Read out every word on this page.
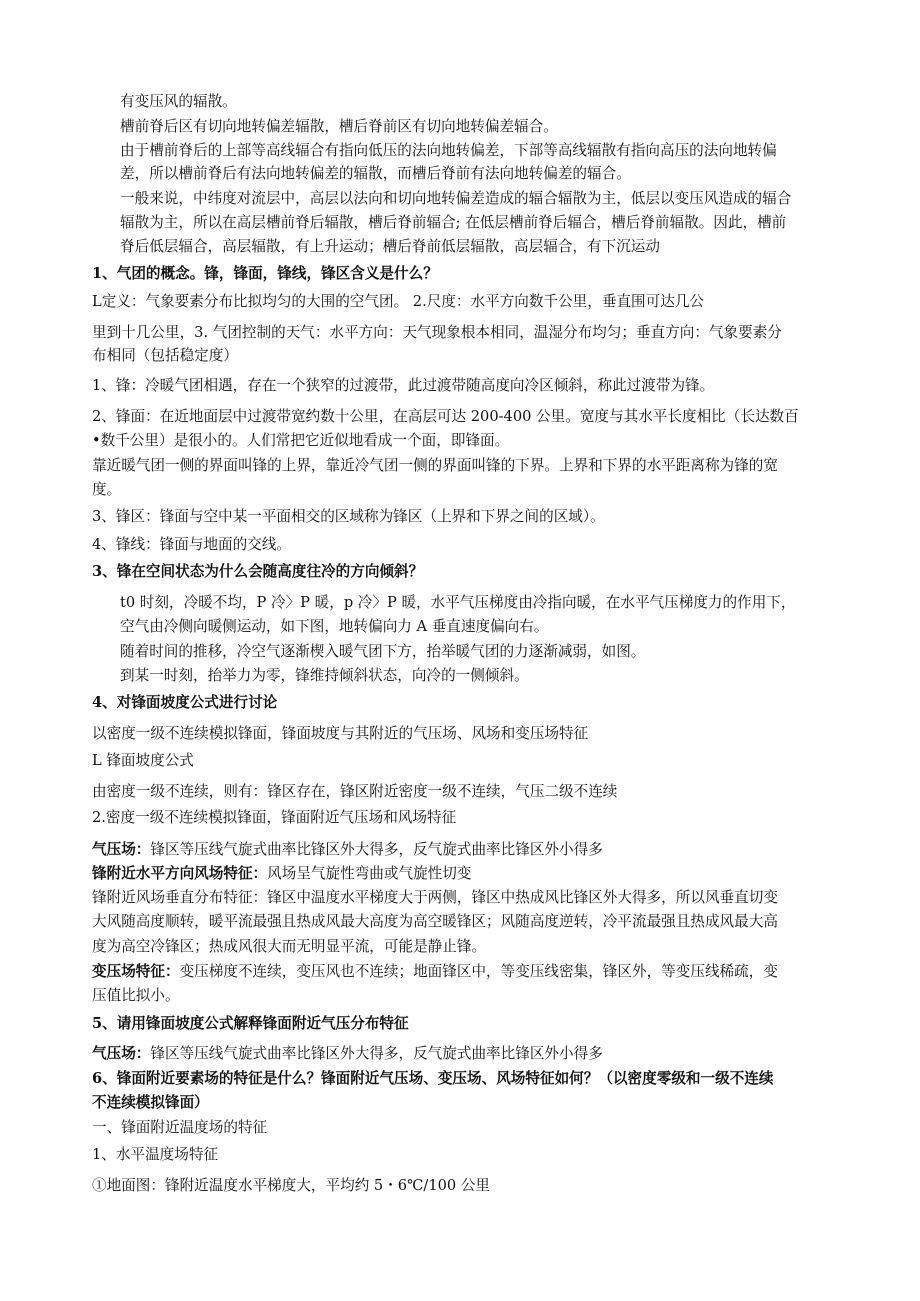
有变压风的辐散。
槽前脊后区有切向地转偏差辐散，槽后脊前区有切向地转偏差辐合。
由于槽前脊后的上部等高线辐合有指向低压的法向地转偏差，下部等高线辐散有指向高压的法向地转偏
差，所以槽前脊后有法向地转偏差的辐散，而槽后脊前有法向地转偏差的辐合。
一般来说，中纬度对流层中，高层以法向和切向地转偏差造成的辐合辐散为主，低层以变压风造成的辐合
辐散为主，所以在高层槽前脊后辐散，槽后脊前辐合; 在低层槽前脊后辐合，槽后脊前辐散。因此，槽前
脊后低层辐合，高层辐散，有上升运动；槽后脊前低层辐散，高层辐合，有下沉运动
1、气团的概念。锋，锋面，锋线，锋区含义是什么？
L定义：气象要素分布比拟均匀的大围的空气团。 2.尺度：水平方向数千公里，垂直围可达几公
里到十几公里，3. 气团控制的天气：水平方向：天气现象根本相同，温湿分布均匀；垂直方向：气象要素分
布相同（包括稳定度）
1、锋：冷暖气团相遇，存在一个狭窄的过渡带，此过渡带随高度向冷区倾斜，称此过渡带为锋。
2、锋面：在近地面层中过渡带宽约数十公里，在高层可达 200-400 公里。宽度与其水平长度相比（长达数百
•数千公里）是很小的。人们常把它近似地看成一个面，即锋面。
靠近暖气团一侧的界面叫锋的上界，靠近冷气团一侧的界面叫锋的下界。上界和下界的水平距离称为锋的宽
度。
3、锋区：锋面与空中某一平面相交的区域称为锋区（上界和下界之间的区域）。
4、锋线：锋面与地面的交线。
3、锋在空间状态为什么会随高度往冷的方向倾斜？
t0 时刻，冷暖不均，P 冷〉P 暖，p 冷〉P 暖，水平气压梯度由冷指向暖，在水平气压梯度力的作用下，
空气由冷侧向暖侧运动，如下图，地转偏向力 A 垂直速度偏向右。
随着时间的推移，冷空气逐渐楔入暖气团下方，抬举暖气团的力逐渐减弱，如图。
到某一时刻，抬举力为零，锋维持倾斜状态，向冷的一侧倾斜。
4、对锋面坡度公式进行讨论
以密度一级不连续模拟锋面，锋面坡度与其附近的气压场、风场和变压场特征
L 锋面坡度公式
由密度一级不连续，则有：锋区存在，锋区附近密度一级不连续，气压二级不连续
2.密度一级不连续模拟锋面，锋面附近气压场和风场特征
气压场：锋区等压线气旋式曲率比锋区外大得多，反气旋式曲率比锋区外小得多
锋附近水平方向风场特征：风场呈气旋性弯曲或气旋性切变
锋附近风场垂直分布特征：锋区中温度水平梯度大于两侧，锋区中热成风比锋区外大得多，所以风垂直切变
大风随高度顺转，暖平流最强且热成风最大高度为高空暖锋区；风随高度逆转，冷平流最强且热成风最大高
度为高空冷锋区；热成风很大而无明显平流，可能是静止锋。
变压场特征：变压梯度不连续，变压风也不连续；地面锋区中，等变压线密集，锋区外，等变压线稀疏，变
压值比拟小。
5、请用锋面坡度公式解释锋面附近气压分布特征
气压场：锋区等压线气旋式曲率比锋区外大得多，反气旋式曲率比锋区外小得多
6、锋面附近要素场的特征是什么？锋面附近气压场、变压场、风场特征如何？（以密度零级和一级不连续
不连续模拟锋面）
一、锋面附近温度场的特征
1、水平温度场特征
①地面图：锋附近温度水平梯度大，平均约 5・6℃/100 公里
